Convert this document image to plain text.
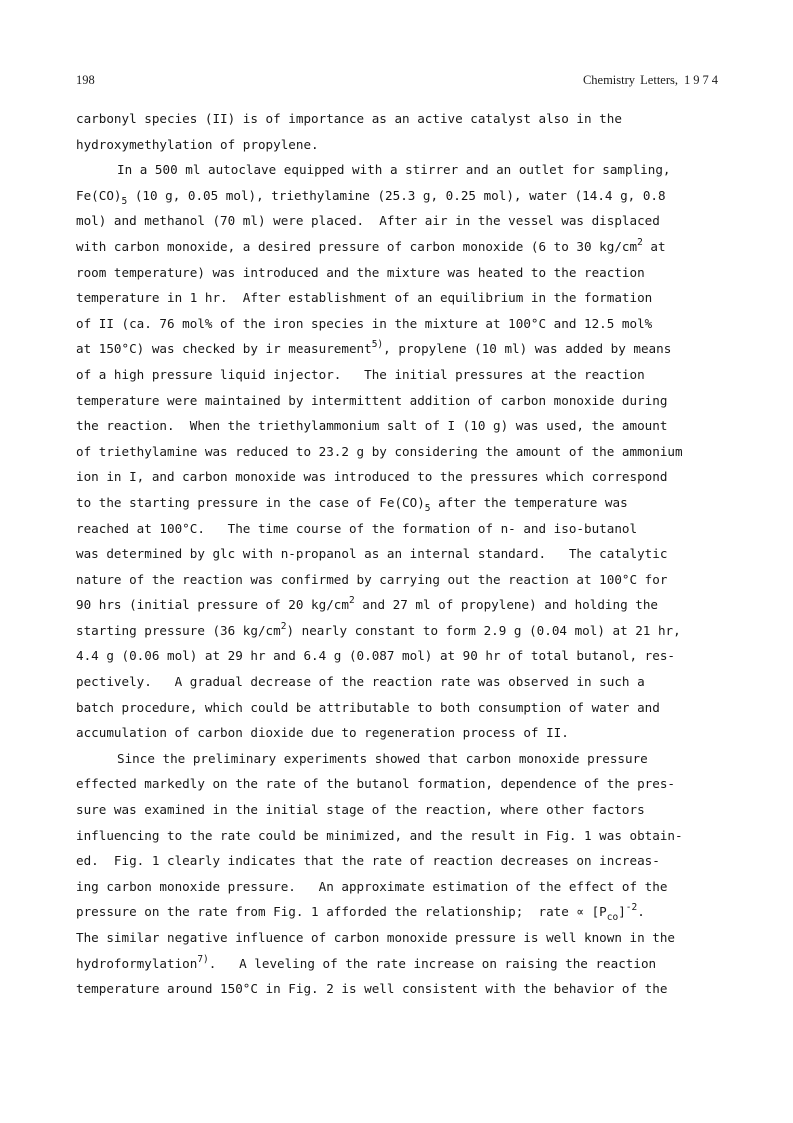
198	Chemistry Letters, 1974
carbonyl species (II) is of importance as an active catalyst also in the
hydroxymethylation of propylene.
In a 500 ml autoclave equipped with a stirrer and an outlet for sampling,
$Fe(CO)_5$ (10 g, 0.05 mol), triethylamine (25.3 g, 0.25 mol), water (14.4 g, 0.8
mol) and methanol (70 ml) were placed.  After air in the vessel was displaced
with carbon monoxide, a desired pressure of carbon monoxide (6 to 30 $kg/cm^2$ at
room temperature) was introduced and the mixture was heated to the reaction
temperature in 1 hr.  After establishment of an equilibrium in the formation
of II (ca. 76 mol% of the iron species in the mixture at 100°C and 12.5 mol%
at 150°C) was checked by ir measurement$^{5)}$, propylene (10 ml) was added by means
of a high pressure liquid injector.   The initial pressures at the reaction
temperature were maintained by intermittent addition of carbon monoxide during
the reaction.  When the triethylammonium salt of I (10 g) was used, the amount
of triethylamine was reduced to 23.2 g by considering the amount of the ammonium
ion in I, and carbon monoxide was introduced to the pressures which correspond
to the starting pressure in the case of $Fe(CO)_5$ after the temperature was
reached at 100°C.   The time course of the formation of n- and iso-butanol
was determined by glc with n-propanol as an internal standard.   The catalytic
nature of the reaction was confirmed by carrying out the reaction at 100°C for
90 hrs (initial pressure of 20 $kg/cm^2$ and 27 ml of propylene) and holding the
starting pressure (36 $kg/cm^2$) nearly constant to form 2.9 g (0.04 mol) at 21 hr,
4.4 g (0.06 mol) at 29 hr and 6.4 g (0.087 mol) at 90 hr of total butanol, res-
pectively.   A gradual decrease of the reaction rate was observed in such a
batch procedure, which could be attributable to both consumption of water and
accumulation of carbon dioxide due to regeneration process of II.
Since the preliminary experiments showed that carbon monoxide pressure
effected markedly on the rate of the butanol formation, dependence of the pres-
sure was examined in the initial stage of the reaction, where other factors
influencing to the rate could be minimized, and the result in Fig. 1 was obtain-
ed.  Fig. 1 clearly indicates that the rate of reaction decreases on increas-
ing carbon monoxide pressure.   An approximate estimation of the effect of the
pressure on the rate from Fig. 1 afforded the relationship;  rate ∝ $[P_{co}]^{-2}$.
The similar negative influence of carbon monoxide pressure is well known in the
hydroformylation$^{7)}$.   A leveling of the rate increase on raising the reaction
temperature around 150°C in Fig. 2 is well consistent with the behavior of the
